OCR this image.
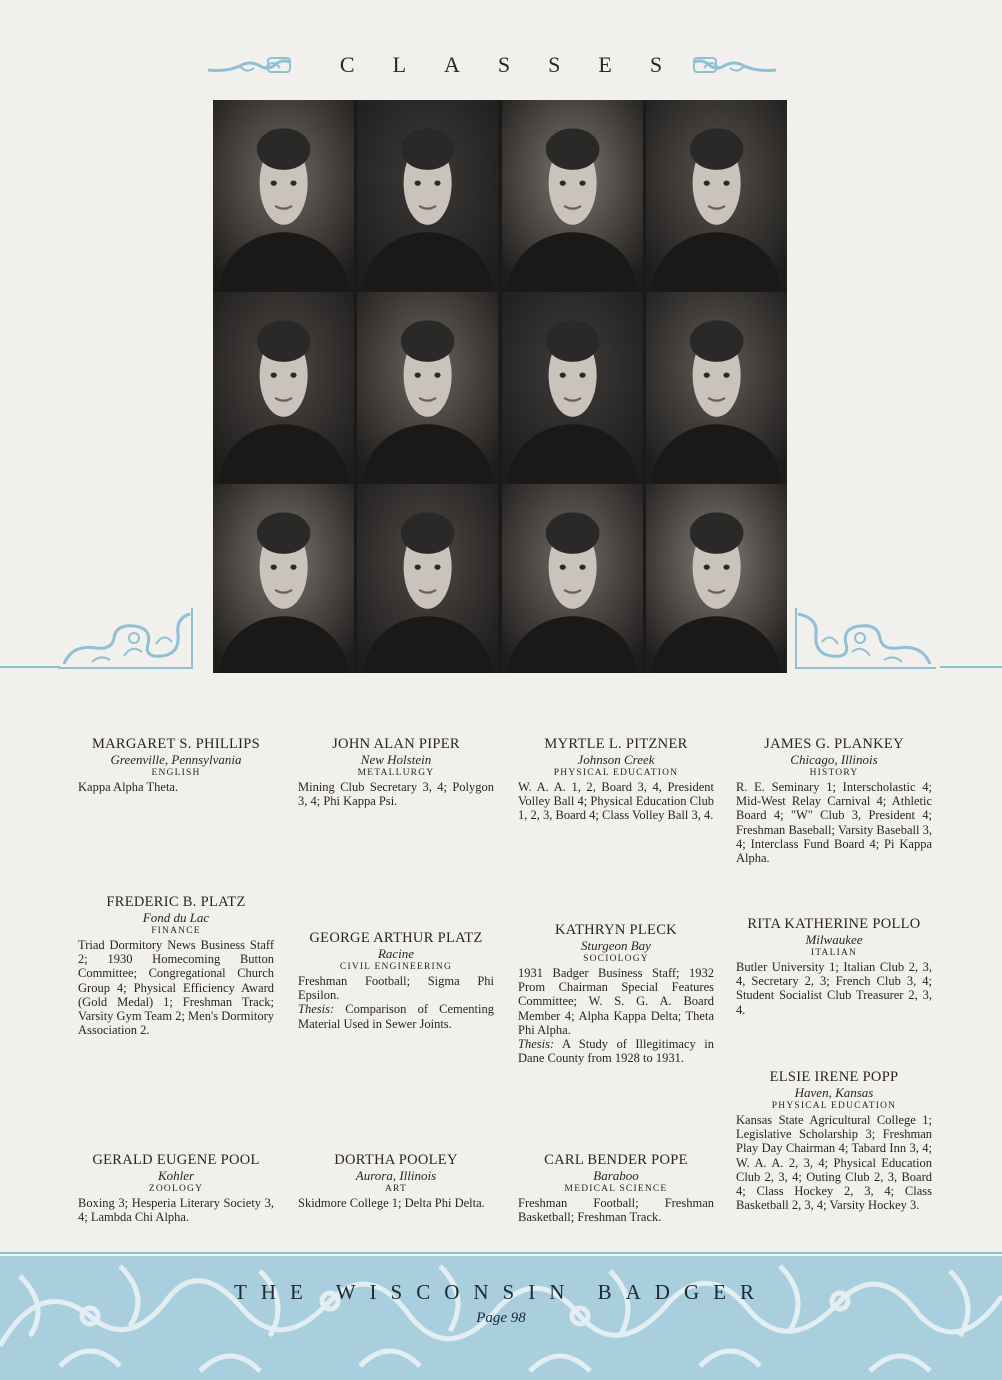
CLASSES
MARGARET S. PHILLIPS
Greenville, Pennsylvania
ENGLISH
Kappa Alpha Theta.
JOHN ALAN PIPER
New Holstein
METALLURGY
Mining Club Secretary 3, 4; Polygon 3, 4; Phi Kappa Psi.
MYRTLE L. PITZNER
Johnson Creek
PHYSICAL EDUCATION
W. A. A. 1, 2, Board 3, 4, President Volley Ball 4; Physical Education Club 1, 2, 3, Board 4; Class Volley Ball 3, 4.
JAMES G. PLANKEY
Chicago, Illinois
HISTORY
R. E. Seminary 1; Interscholastic 4; Mid-West Relay Carnival 4; Athletic Board 4; "W" Club 3, President 4; Freshman Baseball; Varsity Baseball 3, 4; Interclass Fund Board 4; Pi Kappa Alpha.
FREDERIC B. PLATZ
Fond du Lac
FINANCE
Triad Dormitory News Business Staff 2; 1930 Homecoming Button Committee; Congregational Church Group 4; Physical Efficiency Award (Gold Medal) 1; Freshman Track; Varsity Gym Team 2; Men's Dormitory Association 2.
GEORGE ARTHUR PLATZ
Racine
CIVIL ENGINEERING
Freshman Football; Sigma Phi Epsilon.
Thesis: Comparison of Cementing Material Used in Sewer Joints.
KATHRYN PLECK
Sturgeon Bay
SOCIOLOGY
1931 Badger Business Staff; 1932 Prom Chairman Special Features Committee; W. S. G. A. Board Member 4; Alpha Kappa Delta; Theta Phi Alpha.
Thesis: A Study of Illegitimacy in Dane County from 1928 to 1931.
RITA KATHERINE POLLO
Milwaukee
ITALIAN
Butler University 1; Italian Club 2, 3, 4, Secretary 2, 3; French Club 3, 4; Student Socialist Club Treasurer 2, 3, 4.
GERALD EUGENE POOL
Kohler
ZOOLOGY
Boxing 3; Hesperia Literary Society 3, 4; Lambda Chi Alpha.
DORTHA POOLEY
Aurora, Illinois
ART
Skidmore College 1; Delta Phi Delta.
CARL BENDER POPE
Baraboo
MEDICAL SCIENCE
Freshman Football; Freshman Basketball; Freshman Track.
ELSIE IRENE POPP
Haven, Kansas
PHYSICAL EDUCATION
Kansas State Agricultural College 1; Legislative Scholarship 3; Freshman Play Day Chairman 4; Tabard Inn 3, 4; W. A. A. 2, 3, 4; Physical Education Club 2, 3, 4; Outing Club 2, 3, Board 4; Class Hockey 2, 3, 4; Class Basketball 2, 3, 4; Varsity Hockey 3.
THE WISCONSIN BADGER
Page 98
